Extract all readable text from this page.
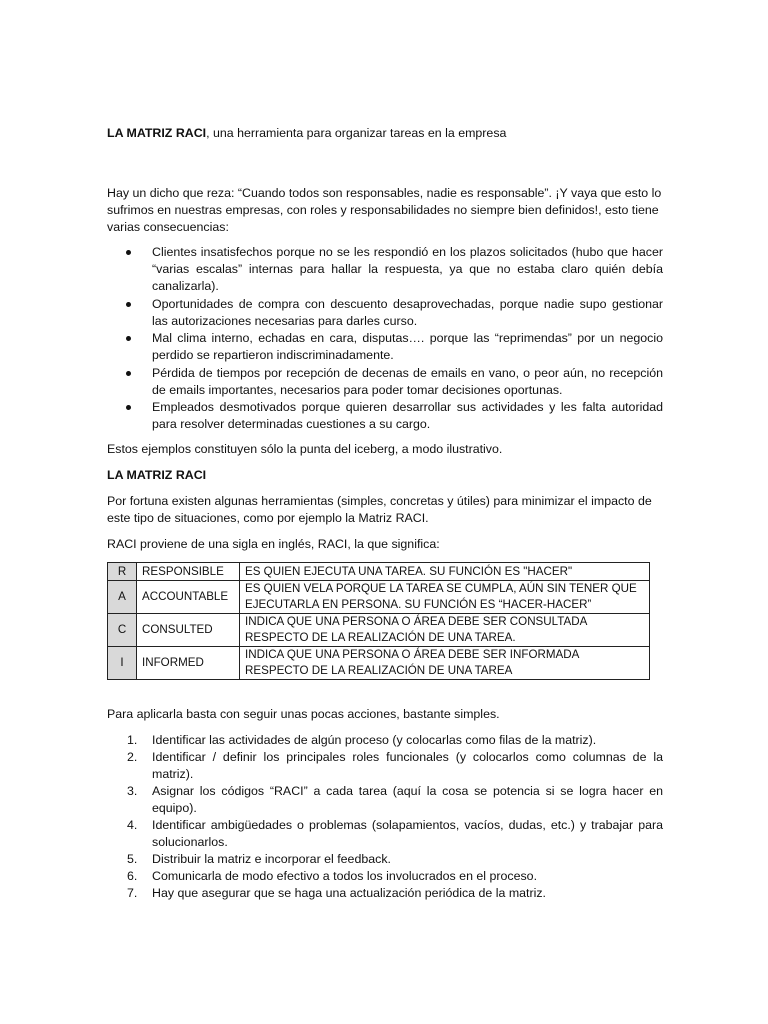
LA MATRIZ RACI, una herramienta para organizar tareas en la empresa

Hay un dicho que reza: “Cuando todos son responsables, nadie es responsable”. ¡Y vaya que esto lo sufrimos en nuestras empresas, con roles y responsabilidades no siempre bien definidos!, esto tiene varias consecuencias:

Clientes insatisfechos porque no se les respondió en los plazos solicitados (hubo que hacer “varias escalas” internas para hallar la respuesta, ya que no estaba claro quién debía canalizarla).
Oportunidades de compra con descuento desaprovechadas, porque nadie supo gestionar las autorizaciones necesarias para darles curso.
Mal clima interno, echadas en cara, disputas…. porque las “reprimendas” por un negocio perdido se repartieron indiscriminadamente.
Pérdida de tiempos por recepción de decenas de emails en vano, o peor aún, no recepción de emails importantes, necesarios para poder tomar decisiones oportunas.
Empleados desmotivados porque quieren desarrollar sus actividades y les falta autoridad para resolver determinadas cuestiones a su cargo.

Estos ejemplos constituyen sólo la punta del iceberg, a modo ilustrativo.

LA MATRIZ RACI

Por fortuna existen algunas herramientas (simples, concretas y útiles) para minimizar el impacto de este tipo de situaciones, como por ejemplo la Matriz RACI.

RACI proviene de una sigla en inglés, RACI, la que significa:

R	RESPONSIBLE	ES QUIEN EJECUTA UNA TAREA. SU FUNCIÓN ES "HACER"
A	ACCOUNTABLE	ES QUIEN VELA PORQUE LA TAREA SE CUMPLA, AÚN SIN TENER QUE EJECUTARLA EN PERSONA. SU FUNCIÓN ES “HACER-HACER”
C	CONSULTED	INDICA QUE UNA PERSONA O ÁREA DEBE SER CONSULTADA RESPECTO DE LA REALIZACIÓN DE UNA TAREA.
I	INFORMED	INDICA QUE UNA PERSONA O ÁREA DEBE SER INFORMADA RESPECTO DE LA REALIZACIÓN DE UNA TAREA

Para aplicarla basta con seguir unas pocas acciones, bastante simples.

1. Identificar las actividades de algún proceso (y colocarlas como filas de la matriz).
2. Identificar / definir los principales roles funcionales (y colocarlos como columnas de la matriz).
3. Asignar los códigos “RACI” a cada tarea (aquí la cosa se potencia si se logra hacer en equipo).
4. Identificar ambigüedades o problemas (solapamientos, vacíos, dudas, etc.) y trabajar para solucionarlos.
5. Distribuir la matriz e incorporar el feedback.
6. Comunicarla de modo efectivo a todos los involucrados en el proceso.
7. Hay que asegurar que se haga una actualización periódica de la matriz.
